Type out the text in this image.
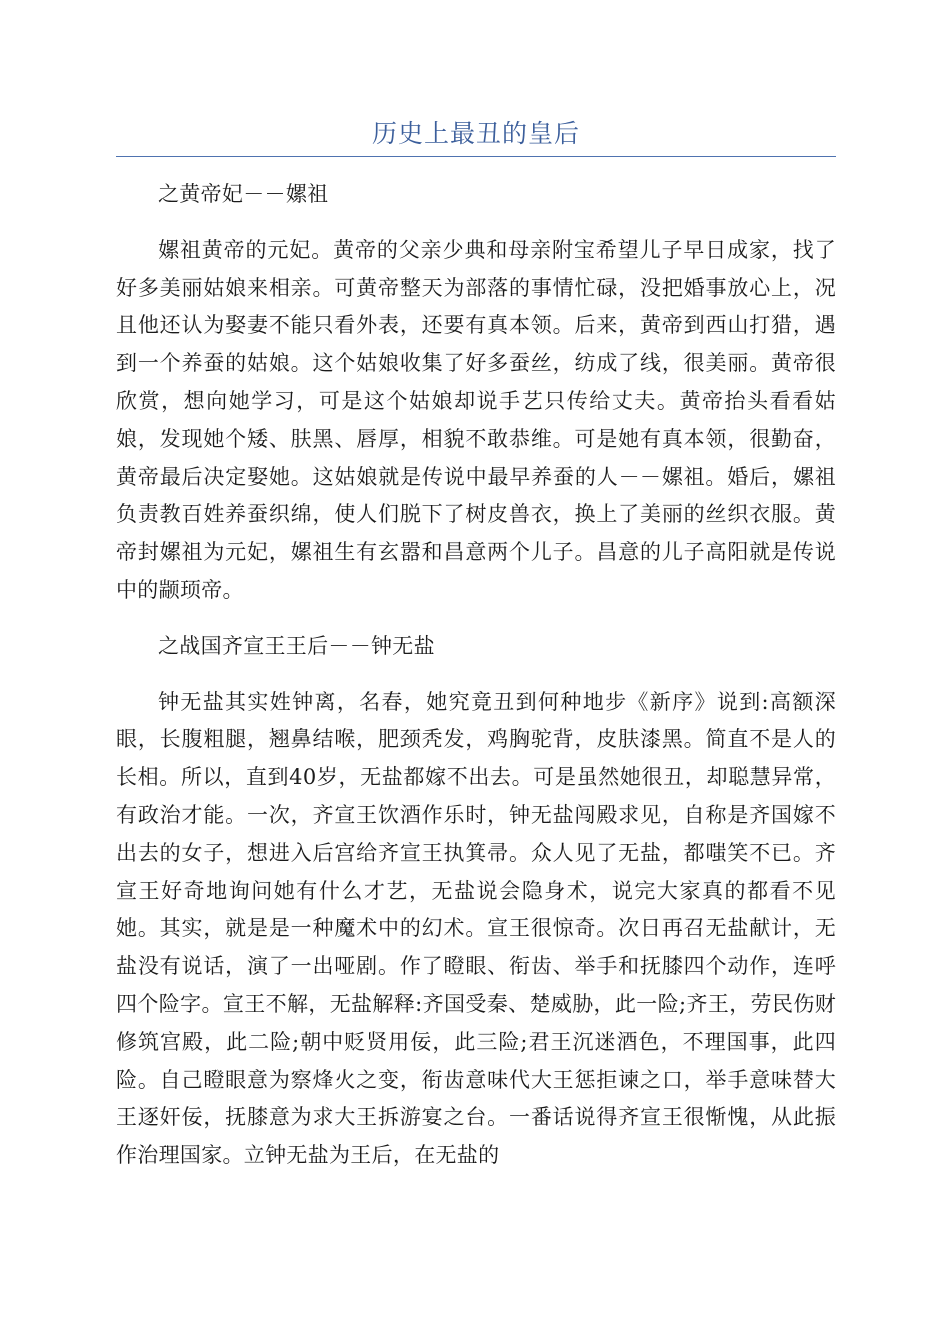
历史上最丑的皇后

之黄帝妃－－嫘祖

嫘祖黄帝的元妃。黄帝的父亲少典和母亲附宝希望儿子早日成家，找了好多美丽姑娘来相亲。可黄帝整天为部落的事情忙碌，没把婚事放心上，况且他还认为娶妻不能只看外表，还要有真本领。后来，黄帝到西山打猎，遇到一个养蚕的姑娘。这个姑娘收集了好多蚕丝，纺成了线，很美丽。黄帝很欣赏，想向她学习，可是这个姑娘却说手艺只传给丈夫。黄帝抬头看看姑娘，发现她个矮、肤黑、唇厚，相貌不敢恭维。可是她有真本领，很勤奋，黄帝最后决定娶她。这姑娘就是传说中最早养蚕的人－－嫘祖。婚后，嫘祖负责教百姓养蚕织绵，使人们脱下了树皮兽衣，换上了美丽的丝织衣服。黄帝封嫘祖为元妃，嫘祖生有玄嚣和昌意两个儿子。昌意的儿子高阳就是传说中的颛顼帝。

之战国齐宣王王后－－钟无盐

钟无盐其实姓钟离，名春，她究竟丑到何种地步《新序》说到:高额深眼，长腹粗腿，翘鼻结喉，肥颈秃发，鸡胸驼背，皮肤漆黑。简直不是人的长相。所以，直到40岁，无盐都嫁不出去。可是虽然她很丑，却聪慧异常，有政治才能。一次，齐宣王饮酒作乐时，钟无盐闯殿求见，自称是齐国嫁不出去的女子，想进入后宫给齐宣王执箕帚。众人见了无盐，都嗤笑不已。齐宣王好奇地询问她有什么才艺，无盐说会隐身术，说完大家真的都看不见她。其实，就是是一种魔术中的幻术。宣王很惊奇。次日再召无盐献计，无盐没有说话，演了一出哑剧。作了瞪眼、衔齿、举手和抚膝四个动作，连呼四个险字。宣王不解，无盐解释:齐国受秦、楚威胁，此一险;齐王，劳民伤财修筑宫殿，此二险;朝中贬贤用佞，此三险;君王沉迷酒色，不理国事，此四险。自己瞪眼意为察烽火之变，衔齿意味代大王惩拒谏之口，举手意味替大王逐奸佞，抚膝意为求大王拆游宴之台。一番话说得齐宣王很惭愧，从此振作治理国家。立钟无盐为王后，在无盐的
